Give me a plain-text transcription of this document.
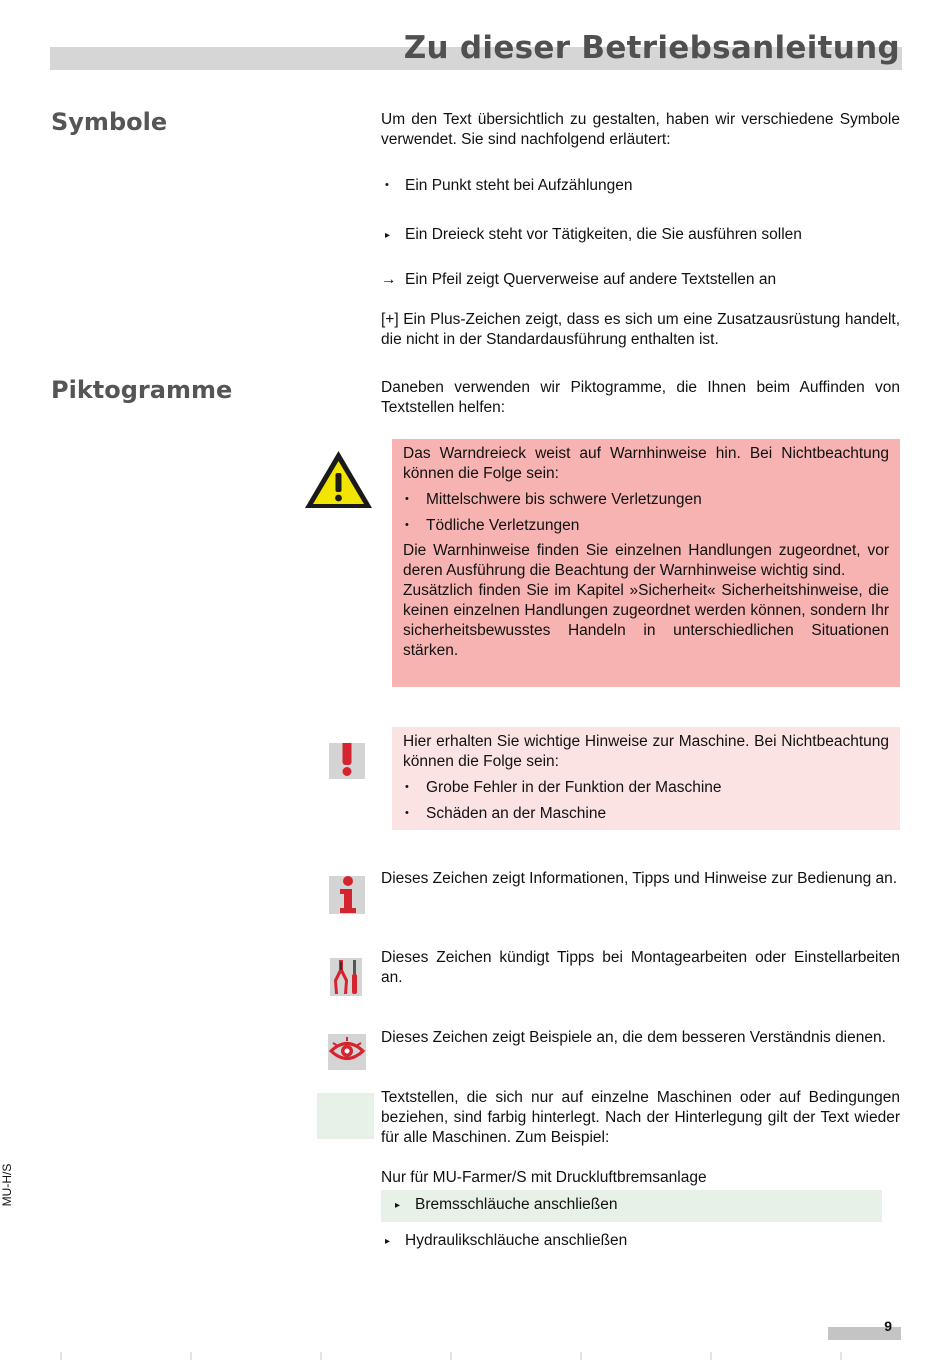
Zu dieser Betriebsanleitung
Symbole	Um den Text übersichtlich zu gestalten, haben wir verschiedene Symbole verwendet. Sie sind nachfolgend erläutert:
• Ein Punkt steht bei Aufzählungen
▸ Ein Dreieck steht vor Tätigkeiten, die Sie ausführen sollen
→ Ein Pfeil zeigt Querverweise auf andere Textstellen an
[+] Ein Plus-Zeichen zeigt, dass es sich um eine Zusatzausrüstung handelt, die nicht in der Standardausführung enthalten ist.
Piktogramme	Daneben verwenden wir Piktogramme, die Ihnen beim Auffinden von Textstellen helfen:
Das Warndreieck weist auf Warnhinweise hin. Bei Nichtbeachtung können die Folge sein:
• Mittelschwere bis schwere Verletzungen
• Tödliche Verletzungen
Die Warnhinweise finden Sie einzelnen Handlungen zugeordnet, vor deren Ausführung die Beachtung der Warnhinweise wichtig sind.
Zusätzlich finden Sie im Kapitel »Sicherheit« Sicherheitshinweise, die keinen einzelnen Handlungen zugeordnet werden können, sondern Ihr sicherheitsbewusstes Handeln in unterschiedlichen Situationen stärken.
Hier erhalten Sie wichtige Hinweise zur Maschine. Bei Nichtbeachtung können die Folge sein:
• Grobe Fehler in der Funktion der Maschine
• Schäden an der Maschine
Dieses Zeichen zeigt Informationen, Tipps und Hinweise zur Bedienung an.
Dieses Zeichen kündigt Tipps bei Montagearbeiten oder Einstellarbeiten an.
Dieses Zeichen zeigt Beispiele an, die dem besseren Verständnis dienen.
Textstellen, die sich nur auf einzelne Maschinen oder auf Bedingungen beziehen, sind farbig hinterlegt. Nach der Hinterlegung gilt der Text wieder für alle Maschinen. Zum Beispiel:
Nur für MU-Farmer/S mit Druckluftbremsanlage
▸ Bremsschläuche anschließen
▸ Hydraulikschläuche anschließen
MU-H/S
9
